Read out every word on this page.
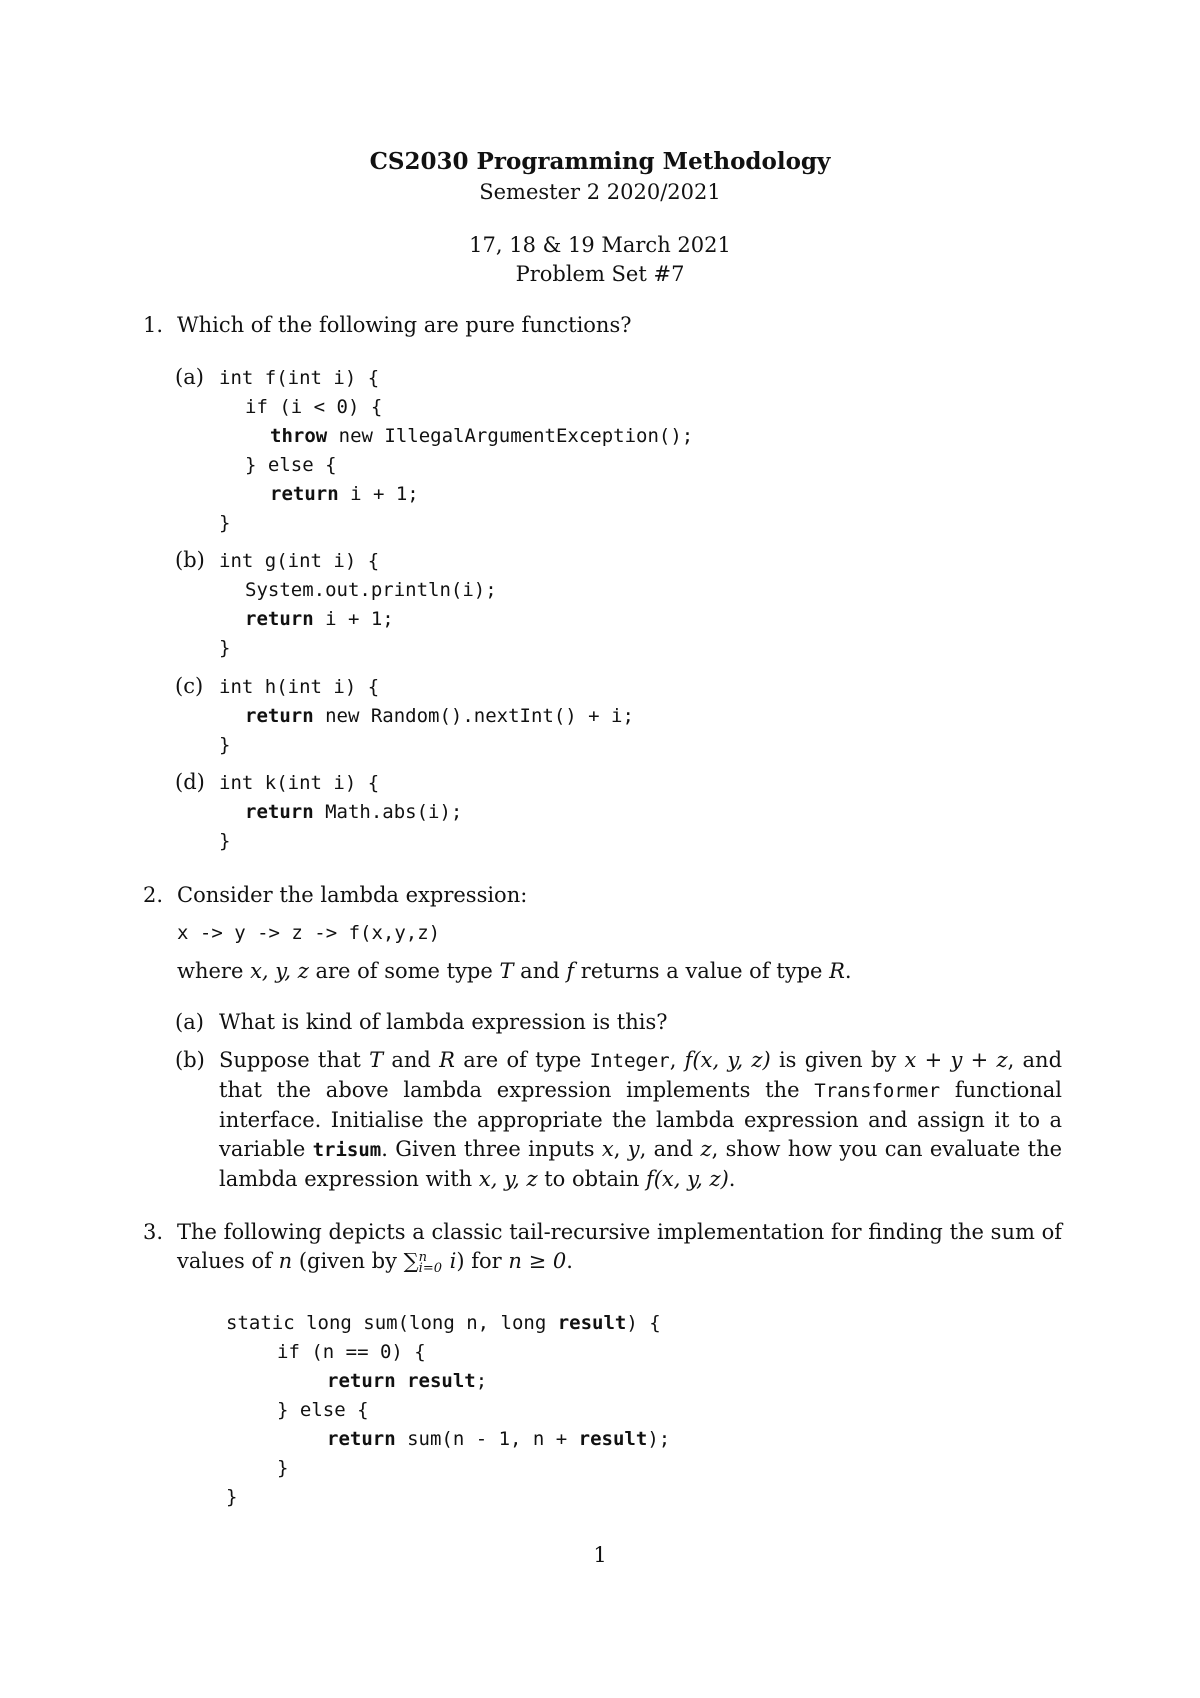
CS2030 Programming Methodology
Semester 2 2020/2021
17, 18 & 19 March 2021
Problem Set #7
1. Which of the following are pure functions?
(a) int f(int i) {
if (i < 0) {
throw new IllegalArgumentException();
} else {
return i + 1;
}
(b) int g(int i) {
System.out.println(i);
return i + 1;
}
(c) int h(int i) {
return new Random().nextInt() + i;
}
(d) int k(int i) {
return Math.abs(i);
}
2. Consider the lambda expression:
x -> y -> z -> f(x,y,z)
where x, y, z are of some type T and f returns a value of type R.
(a) What is kind of lambda expression is this?
(b) Suppose that T and R are of type Integer, f(x, y, z) is given by x + y + z, and that the above lambda expression implements the Transformer functional interface. Initialise the appropriate the lambda expression and assign it to a variable trisum. Given three inputs x, y, and z, show how you can evaluate the lambda expression with x, y, z to obtain f(x, y, z).
3. The following depicts a classic tail-recursive implementation for finding the sum of values of n (given by ∑ n
i=0 i) for n ≥ 0.
static long sum(long n, long result) {
if (n == 0) {
return result;
} else {
return sum(n - 1, n + result);
}
}
1
